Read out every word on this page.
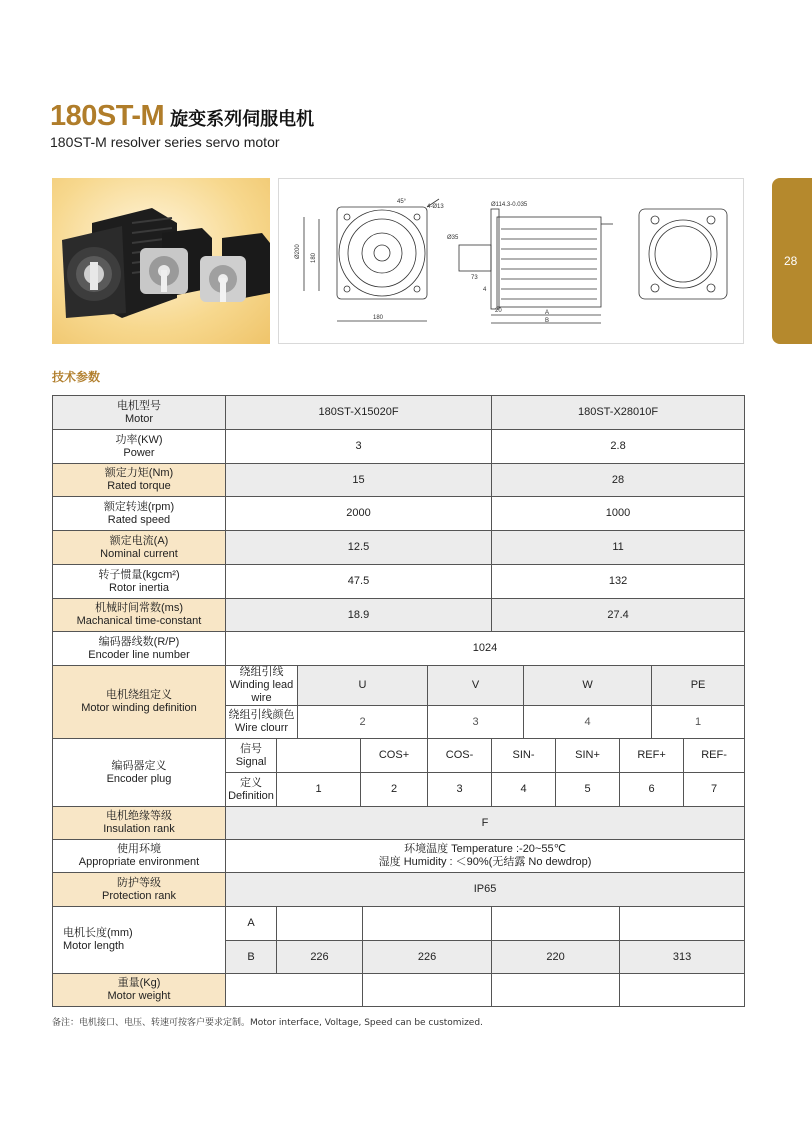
180ST-M 旋变系列伺服电机
180ST-M resolver series servo motor
45°
4-Ø13
Ø200 180
180
Ø114.3-0.035
Ø35
73
4
20	A
B
28
技术参数
电机型号
Motor	180ST-X15020F						180ST-X28010F					
功率(KW)
Power	3						2.8					
额定力矩(Nm)
Rated torque	15						28					
额定转速(rpm)
Rated speed	2000						1000					
额定电流(A)
Nominal current	12.5						11					
转子惯量(kgcm²)
Rotor inertia	47.5						132					
机械时间常数(ms)
Machanical time-constant	18.9						27.4					
编码器线数(R/P)
Encoder line number	1024											
电机绕组定义
Motor winding definition	绕组引线
Winding lead wire		U			V		W			PE	
	绕组引线颜色
Wire clourr		2			3		4			1	
编码器定义
Encoder plug	信号
Signal			COS+		COS-	SIN-		SIN+	REF+		REF-
	定义
Definition	1		2		3	4		5	6		7
电机绝缘等级
Insulation rank	F											
使用环境
Appropriate environment	环境温度 Temperature :-20~55℃
湿度 Humidity : ＜90%(无结露 No dewdrop)											
防护等级
Protection rank	IP65											
电机长度(mm)
Motor length	A											
	B	226			226		220			313		
重量(Kg)
Motor weight												
备注：电机接口、电压、转速可按客户要求定制。Motor interface, Voltage, Speed can be customized.
